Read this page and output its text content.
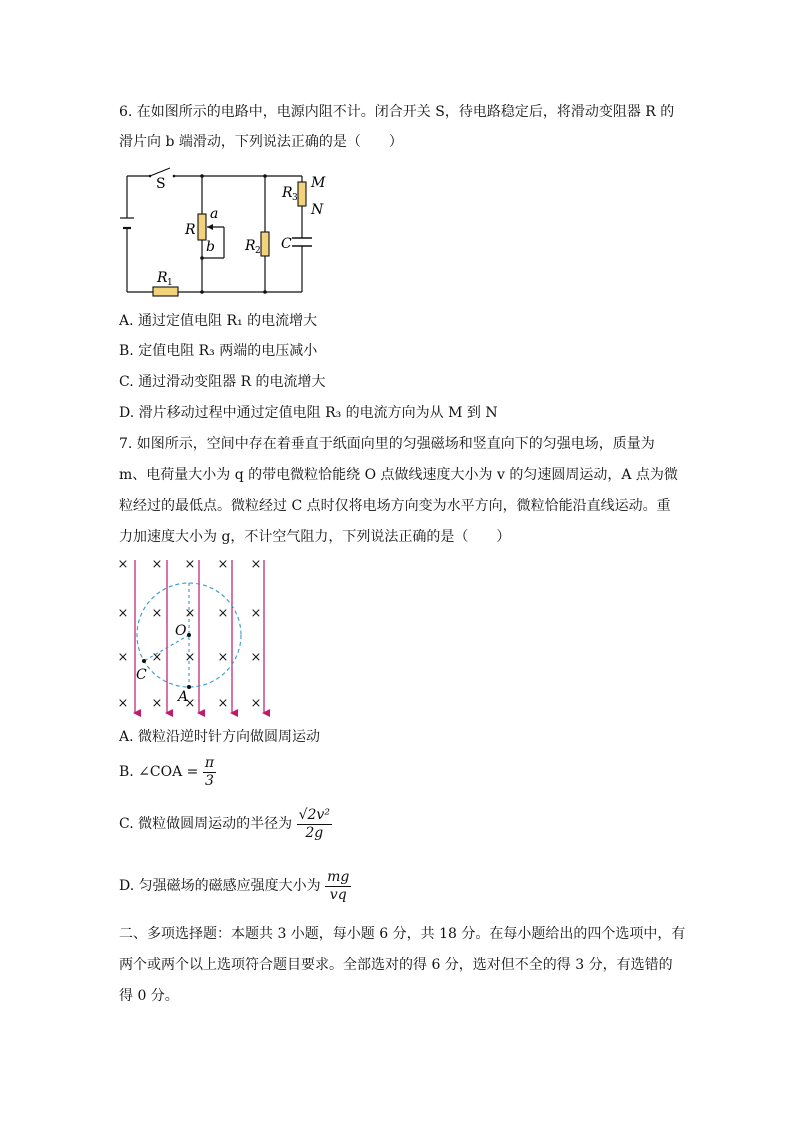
6. 在如图所示的电路中，电源内阻不计。闭合开关 S，待电路稳定后，将滑动变阻器 R 的
滑片向 b 端滑动，下列说法正确的是（　　）
S
R
a
b
R 1
R 2
R 3
M
N
C
A. 通过定值电阻 R₁ 的电流增大
B. 定值电阻 R₃ 两端的电压减小
C. 通过滑动变阻器 R 的电流增大
D. 滑片移动过程中通过定值电阻 R₃ 的电流方向为从 M 到 N
7. 如图所示，空间中存在着垂直于纸面向里的匀强磁场和竖直向下的匀强电场，质量为
m、电荷量大小为 q 的带电微粒恰能绕 O 点做线速度大小为 v 的匀速圆周运动，A 点为微
粒经过的最低点。微粒经过 C 点时仅将电场方向变为水平方向，微粒恰能沿直线运动。重
力加速度大小为 g，不计空气阻力，下列说法正确的是（　　）
× × × × ×
× × × × ×
× × × × ×
× × × × ×
O
A
C
A. 微粒沿逆时针方向做圆周运动
B. ∠COA = $\frac{\pi}{3}$
C. 微粒做圆周运动的半径为 $\frac{\text{√2v²}}{2g}$
D. 匀强磁场的磁感应强度大小为 $\frac{mg}{vq}$
二、多项选择题：本题共 3 小题，每小题 6 分，共 18 分。在每小题给出的四个选项中，有
两个或两个以上选项符合题目要求。全部选对的得 6 分，选对但不全的得 3 分，有选错的
得 0 分。
